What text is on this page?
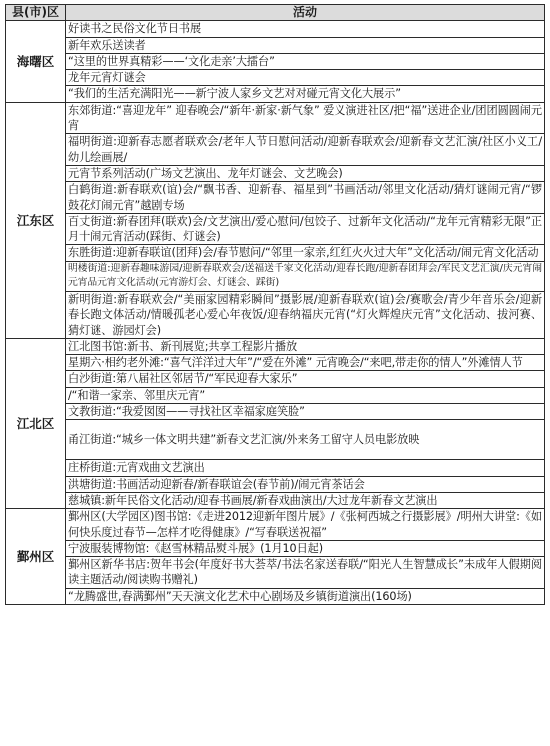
县(市)区	活动
海曙区	好读书之民俗文化节日书展
	新年欢乐送读者
	“这里的世界真精彩——‘文化走亲’大擂台”
	龙年元宵灯谜会
	“我们的生活充满阳光——新宁波人家乡文艺对对碰元宵文化大展示”
江东区	东郊街道:“喜迎龙年” 迎春晚会/“新年·新家·新气象” 爱义演进社区/把“福”送进企业/团团圆圆闹元宵
	福明街道:迎新春志愿者联欢会/老年人节日慰问活动/迎新春联欢会/迎新春文艺汇演/社区小义工/幼儿绘画展/
	元宵节系列活动(广场文艺演出、龙年灯谜会、文艺晚会)
	白鹤街道:新春联欢(谊)会/“飘书香、迎新春、福星到”书画活动/邻里文化活动/猜灯谜闹元宵/“锣鼓花灯闹元宵”越剧专场
	百丈街道:新春团拜(联欢)会/文艺演出/爱心慰问/包饺子、过新年文化活动/“龙年元宵精彩无限”正月十闹元宵活动(踩街、灯谜会)
	东胜街道:迎新春联谊(团拜)会/春节慰问/“邻里一家亲,红红火火过大年”文化活动/闹元宵文化活动
	明楼街道:迎新春趣味游园/迎新春联欢会/送福送千家文化活动/迎春长跑/迎新春团拜会/军民文艺汇演/庆元宵闹元宵品元宵文化活动(元宵游灯会、灯谜会、踩街)
	新明街道:新春联欢会/“美丽家园精彩瞬间”摄影展/迎新春联欢(谊)会/赛歌会/青少年音乐会/迎新春长跑文体活动/情暖孤老心爱心年夜饭/迎春纳福庆元宵(“灯火辉煌庆元宵”文化活动、拔河赛、猜灯谜、游园灯会)
江北区	江北图书馆:新书、新刊展览;共享工程影片播放
	星期六·相约老外滩:“喜气洋洋过大年”/“爱在外滩” 元宵晚会/“来吧,带走你的情人”外滩情人节
	白沙街道:第八届社区邻居节/“军民迎春大家乐”
	/“和谐一家亲、邻里庆元宵”
	文教街道:“我爱囡囡——寻找社区幸福家庭笑脸”
	甬江街道:“城乡一体文明共建”新春文艺汇演/外来务工留守人员电影放映
	庄桥街道:元宵戏曲文艺演出
	洪塘街道:书画活动迎新春/新春联谊会(春节前)/闹元宵茶话会
	慈城镇:新年民俗文化活动/迎春书画展/新春戏曲演出/大过龙年新春文艺演出
鄞州区	鄞州区(大学园区)图书馆:《走进2012迎新年图片展》/《张柯西城之行摄影展》/明州大讲堂:《如何快乐度过春节—怎样才吃得健康》/“写春联送祝福”
	宁波服装博物馆:《赵雪林精品熨斗展》(1月10日起)
	鄞州区新华书店:贺年书会(年度好书大荟萃/书法名家送春联/“阳光人生智慧成长”未成年人假期阅读主题活动/阅读购书赠礼)
	“龙腾盛世,春满鄞州”天天演文化艺术中心剧场及乡镇街道演出(160场)
